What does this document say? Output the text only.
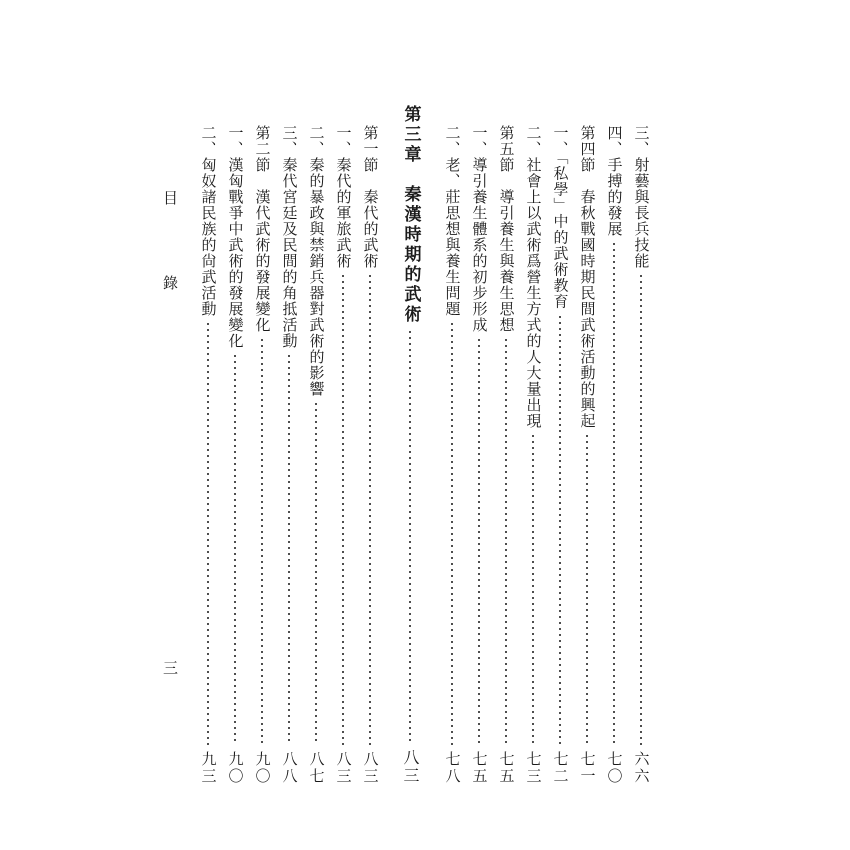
目 錄
三
三、射藝與長兵技能
六六
四、手搏的發展
七〇
第四節　春秋戰國時期民間武術活動的興起
七一
一、「私學」中的武術教育
七二
二、社會上以武術爲營生方式的人大量出現
七三
第五節　導引養生與養生思想
七五
一、導引養生體系的初步形成
七五
二、老、莊思想與養生問題
七八
第三章　秦漢時期的武術
八三
第一節　秦代的武術
八三
一、秦代的軍旅武術
八三
二、秦的暴政與禁銷兵器對武術的影響
八七
三、秦代宮廷及民間的角抵活動
八八
第二節　漢代武術的發展變化
九〇
一、漢匈戰爭中武術的發展變化
九〇
二、匈奴諸民族的尙武活動
九三
